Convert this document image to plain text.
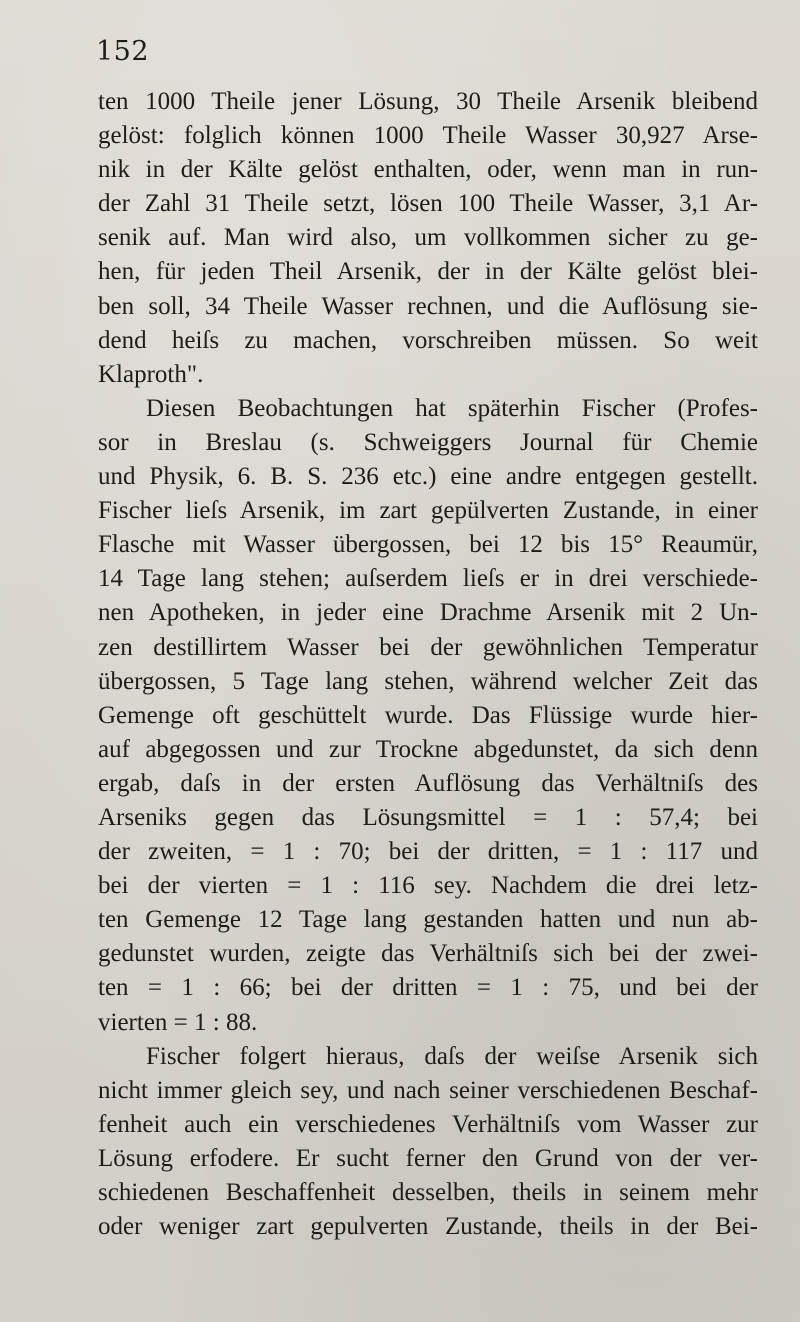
152
ten 1000 Theile jener Lösung, 30 Theile Arsenik bleibend
gelöst: folglich können 1000 Theile Wasser 30,927 Arse-
nik in der Kälte gelöst enthalten, oder, wenn man in run-
der Zahl 31 Theile setzt, lösen 100 Theile Wasser, 3,1 Ar-
senik auf. Man wird also, um vollkommen sicher zu ge-
hen, für jeden Theil Arsenik, der in der Kälte gelöst blei-
ben soll, 34 Theile Wasser rechnen, und die Auflösung sie-
dend heiſs zu machen, vorschreiben müssen. So weit
Klaproth".
Diesen Beobachtungen hat späterhin Fischer (Profes-
sor in Breslau (s. Schweiggers Journal für Chemie
und Physik, 6. B. S. 236 etc.) eine andre entgegen gestellt.
Fischer lieſs Arsenik, im zart gepülverten Zustande, in einer
Flasche mit Wasser übergossen, bei 12 bis 15° Reaumür,
14 Tage lang stehen; auſserdem lieſs er in drei verschiede-
nen Apotheken, in jeder eine Drachme Arsenik mit 2 Un-
zen destillirtem Wasser bei der gewöhnlichen Temperatur
übergossen, 5 Tage lang stehen, während welcher Zeit das
Gemenge oft geschüttelt wurde. Das Flüssige wurde hier-
auf abgegossen und zur Trockne abgedunstet, da sich denn
ergab, daſs in der ersten Auflösung das Verhältniſs des
Arseniks gegen das Lösungsmittel = 1 : 57,4; bei
der zweiten, = 1 : 70; bei der dritten, = 1 : 117 und
bei der vierten = 1 : 116 sey. Nachdem die drei letz-
ten Gemenge 12 Tage lang gestanden hatten und nun ab-
gedunstet wurden, zeigte das Verhältniſs sich bei der zwei-
ten = 1 : 66; bei der dritten = 1 : 75, und bei der
vierten = 1 : 88.
Fischer folgert hieraus, daſs der weiſse Arsenik sich
nicht immer gleich sey, und nach seiner verschiedenen Beschaf-
fenheit auch ein verschiedenes Verhältniſs vom Wasser zur
Lösung erfodere. Er sucht ferner den Grund von der ver-
schiedenen Beschaffenheit desselben, theils in seinem mehr
oder weniger zart gepulverten Zustande, theils in der Bei-
